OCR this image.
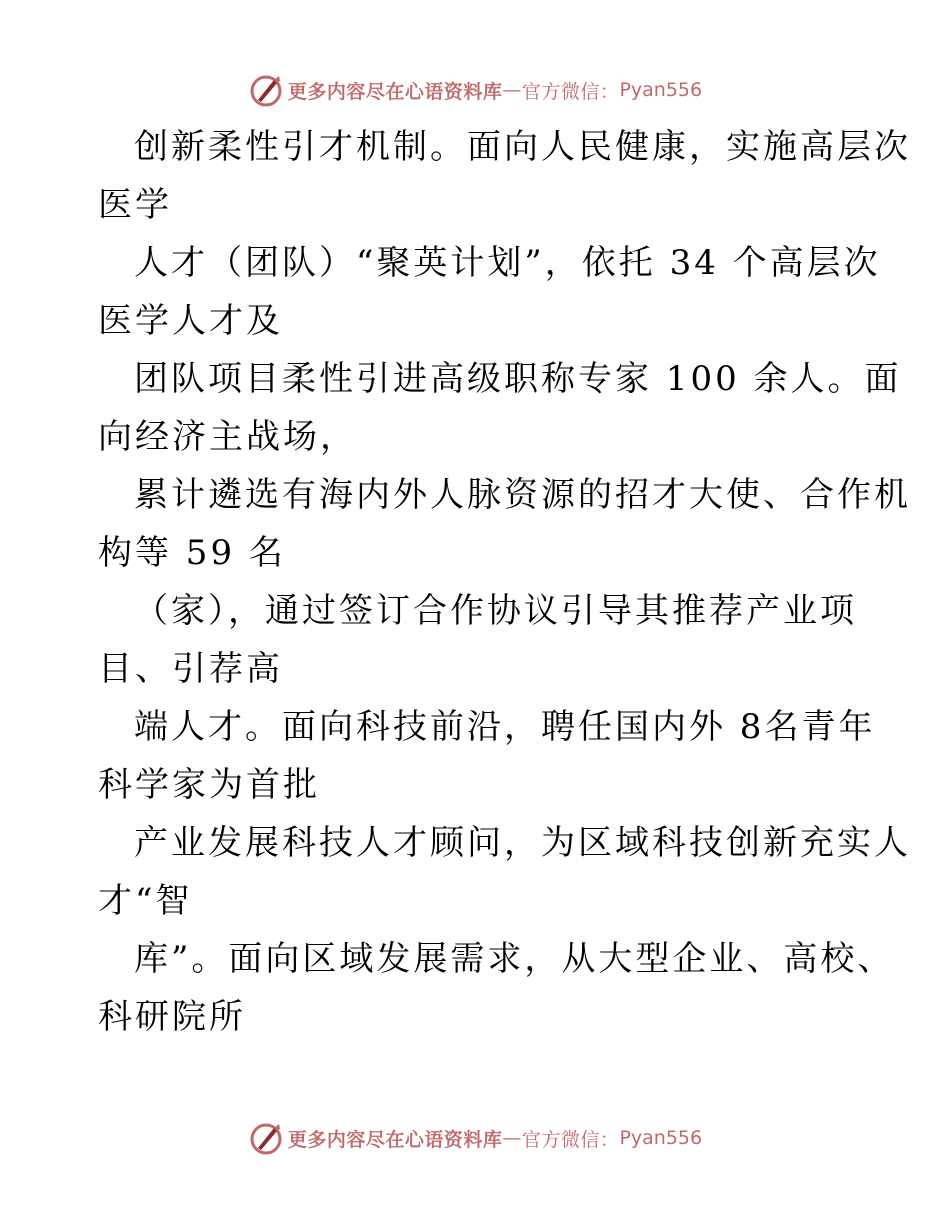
更多内容尽在心语资料库 — 官方微信： Pyan556
创新柔性引才机制。面向人民健康，实施高层次
医学
人才（团队）“聚英计划”，依托 34 个高层次
医学人才及
团队项目柔性引进高级职称专家 100 余人。面
向经济主战场，
累计遴选有海内外人脉资源的招才大使、合作机
构等 59 名
（家），通过签订合作协议引导其推荐产业项
目、引荐高
端人才。面向科技前沿，聘任国内外 8名青年
科学家为首批
产业发展科技人才顾问，为区域科技创新充实人
才“智
库”。面向区域发展需求，从大型企业、高校、
科研院所
更多内容尽在心语资料库 — 官方微信： Pyan556
